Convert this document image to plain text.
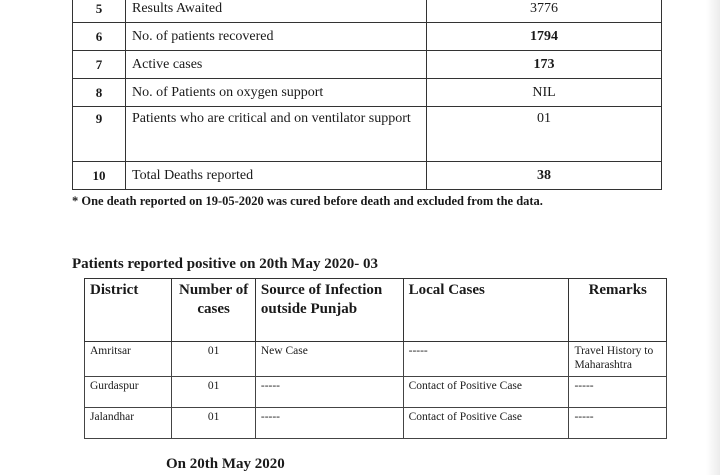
5	Results Awaited	3776
6	No. of patients recovered	1794
7	Active cases	173
8	No. of Patients on oxygen support	NIL
9	Patients who are critical and on ventilator support	01
10	Total Deaths reported	38
* One death reported on 19-05-2020 was cured before death and excluded from the data.
Patients reported positive on 20th May 2020- 03
District	Number of cases	Source of Infection outside Punjab	Local Cases	Remarks
Amritsar	01	New Case	-----	Travel History to Maharashtra
Gurdaspur	01	-----	Contact of Positive Case	-----
Jalandhar	01	-----	Contact of Positive Case	-----
On 20th May 2020
